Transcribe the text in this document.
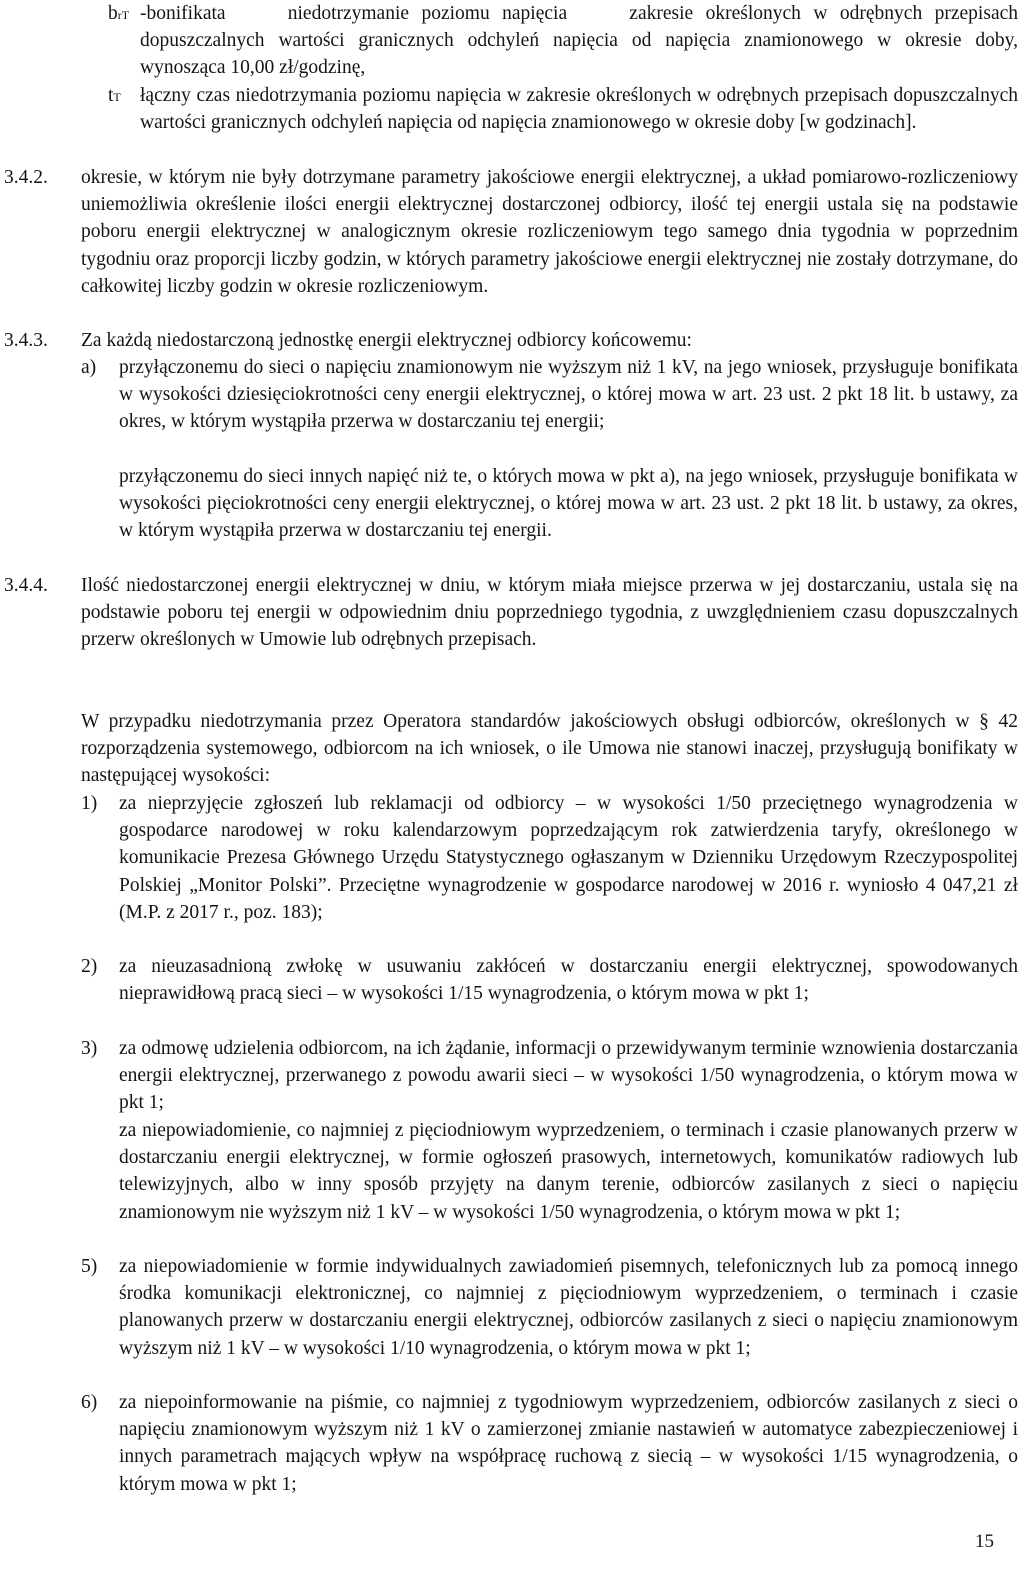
brT -bonifikata     niedotrzymanie poziomu napięcia     zakresie określonych w odrębnych przepisach dopuszczalnych wartości granicznych odchyleń napięcia od napięcia znamionowego w okresie doby, wynosząca 10,00 zł/godzinę,
tT łączny czas niedotrzymania poziomu napięcia w zakresie określonych w odrębnych przepisach dopuszczalnych wartości granicznych odchyleń napięcia od napięcia znamionowego w okresie doby [w godzinach].
3.4.2. okresie, w którym nie były dotrzymane parametry jakościowe energii elektrycznej, a układ pomiarowo-rozliczeniowy uniemożliwia określenie ilości energii elektrycznej dostarczonej odbiorcy, ilość tej energii ustala się na podstawie poboru energii elektrycznej w analogicznym okresie rozliczeniowym tego samego dnia tygodnia w poprzednim tygodniu oraz proporcji liczby godzin, w których parametry jakościowe energii elektrycznej nie zostały dotrzymane, do całkowitej liczby godzin w okresie rozliczeniowym.
3.4.3. Za każdą niedostarczoną jednostkę energii elektrycznej odbiorcy końcowemu:
a) przyłączonemu do sieci o napięciu znamionowym nie wyższym niż 1 kV, na jego wniosek, przysługuje bonifikata w wysokości dziesięciokrotności ceny energii elektrycznej, o której mowa w art. 23 ust. 2 pkt 18 lit. b ustawy, za okres, w którym wystąpiła przerwa w dostarczaniu tej energii;
przyłączonemu do sieci innych napięć niż te, o których mowa w pkt a), na jego wniosek, przysługuje bonifikata w wysokości pięciokrotności ceny energii elektrycznej, o której mowa w art. 23 ust. 2 pkt 18 lit. b ustawy, za okres, w którym wystąpiła przerwa w dostarczaniu tej energii.
3.4.4. Ilość niedostarczonej energii elektrycznej w dniu, w którym miała miejsce przerwa w jej dostarczaniu, ustala się na podstawie poboru tej energii w odpowiednim dniu poprzedniego tygodnia, z uwzględnieniem czasu dopuszczalnych przerw określonych w Umowie lub odrębnych przepisach.
W przypadku niedotrzymania przez Operatora standardów jakościowych obsługi odbiorców, określonych w § 42 rozporządzenia systemowego, odbiorcom na ich wniosek, o ile Umowa nie stanowi inaczej, przysługują bonifikaty w następującej wysokości:
1) za nieprzyjęcie zgłoszeń lub reklamacji od odbiorcy – w wysokości 1/50 przeciętnego wynagrodzenia w gospodarce narodowej w roku kalendarzowym poprzedzającym rok zatwierdzenia taryfy, określonego w komunikacie Prezesa Głównego Urzędu Statystycznego ogłaszanym w Dzienniku Urzędowym Rzeczypospolitej Polskiej „Monitor Polski”. Przeciętne wynagrodzenie w gospodarce narodowej w 2016 r. wyniosło 4 047,21 zł (M.P. z 2017 r., poz. 183);
2) za nieuzasadnioną zwłokę w usuwaniu zakłóceń w dostarczaniu energii elektrycznej, spowodowanych nieprawidłową pracą sieci – w wysokości 1/15 wynagrodzenia, o którym mowa w pkt 1;
3) za odmowę udzielenia odbiorcom, na ich żądanie, informacji o przewidywanym terminie wznowienia dostarczania energii elektrycznej, przerwanego z powodu awarii sieci – w wysokości 1/50 wynagrodzenia, o którym mowa w pkt 1;
za niepowiadomienie, co najmniej z pięciodniowym wyprzedzeniem, o terminach i czasie planowanych przerw w dostarczaniu energii elektrycznej, w formie ogłoszeń prasowych, internetowych, komunikatów radiowych lub telewizyjnych, albo w inny sposób przyjęty na danym terenie, odbiorców zasilanych z sieci o napięciu znamionowym nie wyższym niż 1 kV – w wysokości 1/50 wynagrodzenia, o którym mowa w pkt 1;
5) za niepowiadomienie w formie indywidualnych zawiadomień pisemnych, telefonicznych lub za pomocą innego środka komunikacji elektronicznej, co najmniej z pięciodniowym wyprzedzeniem, o terminach i czasie planowanych przerw w dostarczaniu energii elektrycznej, odbiorców zasilanych z sieci o napięciu znamionowym wyższym niż 1 kV – w wysokości 1/10 wynagrodzenia, o którym mowa w pkt 1;
6) za niepoinformowanie na piśmie, co najmniej z tygodniowym wyprzedzeniem, odbiorców zasilanych z sieci o napięciu znamionowym wyższym niż 1 kV o zamierzonej zmianie nastawień w automatyce zabezpieczeniowej i innych parametrach mających wpływ na współpracę ruchową z siecią – w wysokości 1/15 wynagrodzenia, o którym mowa w pkt 1;
15
